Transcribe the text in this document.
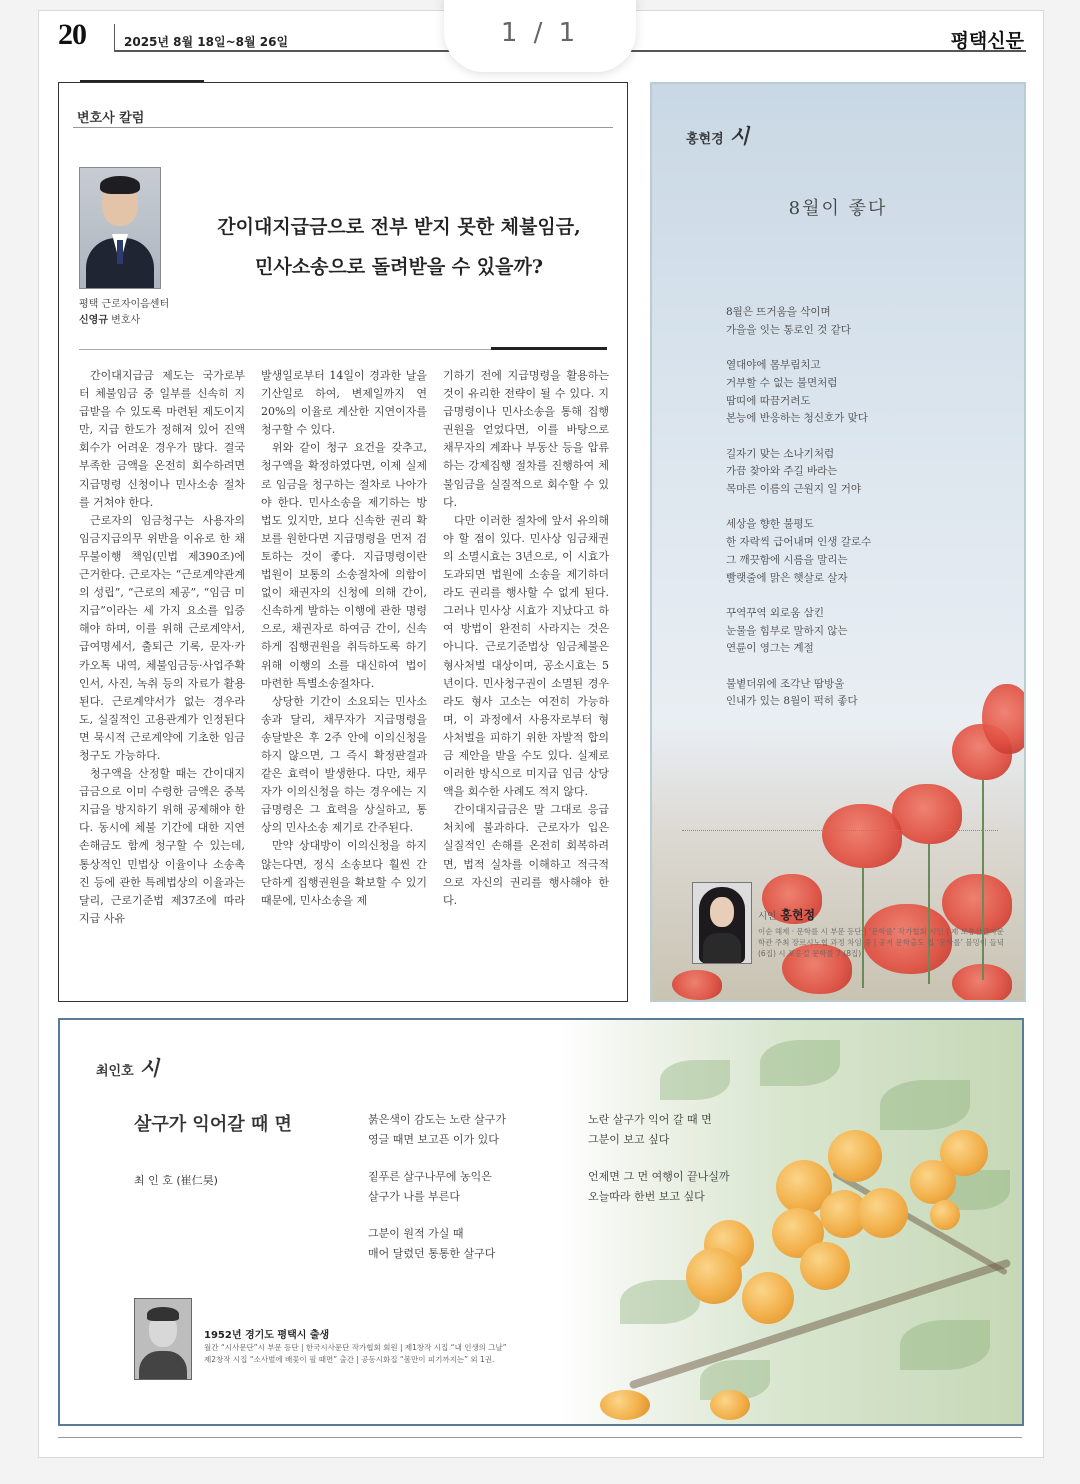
20	2025년 8월 18일~8월 26일	평택신문
변호사 칼럼
평택 근로자이음센터
신영규 변호사
간이대지급금으로 전부 받지 못한 체불임금,
민사소송으로 돌려받을 수 있을까?

간이대지급금 제도는 국가로부터 체불임금 중 일부를 신속히 지급받을 수 있도록 마련된 제도이지만, 지급 한도가 정해져 있어 진액 회수가 어려운 경우가 많다. 결국 부족한 금액을 온전히 회수하려면 지급명령 신청이나 민사소송 절차를 거쳐야 한다.

근로자의 임금청구는 사용자의 임금지급의무 위반을 이유로 한 채무불이행 책임(민법 제390조)에 근거한다. 근로자는 “근로계약관계의 성립”, “근로의 제공”, “임금 미지급”이라는 세 가지 요소를 입증해야 하며, 이를 위해 근로계약서, 급여명세서, 출퇴근 기록, 문자·카카오톡 내역, 체불임금등·사업주확인서, 사진, 녹취 등의 자료가 활용된다. 근로계약서가 없는 경우라도, 실질적인 고용관계가 인정된다면 묵시적 근로계약에 기초한 임금청구도 가능하다.

청구액을 산정할 때는 간이대지급금으로 이미 수령한 금액은 중복지급을 방지하기 위해 공제해야 한다. 동시에 체불 기간에 대한 지연손해금도 함께 청구할 수 있는데, 통상적인 민법상 이율이나 소송촉진 등에 관한 특례법상의 이율과는 달리, 근로기준법 제37조에 따라 지급 사유

발생일로부터 14일이 경과한 날을 기산일로 하여, 변제일까지 연 20%의 이율로 계산한 지연이자를 청구할 수 있다.

위와 같이 청구 요건을 갖추고, 청구액을 확정하였다면, 이제 실제로 임금을 청구하는 절차로 나아가야 한다. 민사소송을 제기하는 방법도 있지만, 보다 신속한 권리 확보를 원한다면 지급명령을 먼저 검토하는 것이 좋다. 지급명령이란 법원이 보통의 소송절차에 의함이 없이 채권자의 신청에 의해 간이, 신속하게 발하는 이행에 관한 명령으로, 채권자로 하여금 간이, 신속하게 집행권원을 취득하도록 하기 위해 이행의 소를 대신하여 법이 마련한 특별소송절차다.

상당한 기간이 소요되는 민사소송과 달리, 채무자가 지급명령을 송달받은 후 2주 안에 이의신청을 하지 않으면, 그 즉시 확정판결과 같은 효력이 발생한다. 다만, 채무자가 이의신청을 하는 경우에는 지급명령은 그 효력을 상실하고, 통상의 민사소송 제기로 간주된다.

만약 상대방이 이의신청을 하지 않는다면, 정식 소송보다 훨씬 간단하게 집행권원을 확보할 수 있기 때문에, 민사소송을 제

기하기 전에 지급명령을 활용하는 것이 유리한 전략이 될 수 있다. 지급명령이나 민사소송을 통해 집행권원을 얻었다면, 이를 바탕으로 채무자의 계좌나 부동산 등을 압류하는 강제집행 절차를 진행하여 체불임금을 실질적으로 회수할 수 있다.

다만 이러한 절차에 앞서 유의해야 할 점이 있다. 민사상 임금채권의 소멸시효는 3년으로, 이 시효가 도과되면 법원에 소송을 제기하더라도 권리를 행사할 수 없게 된다. 그러나 민사상 시효가 지났다고 하여 방법이 완전히 사라지는 것은 아니다. 근로기준법상 임금체불은 형사처벌 대상이며, 공소시효는 5년이다. 민사청구권이 소멸된 경우라도 형사 고소는 여전히 가능하며, 이 과정에서 사용자로부터 형사처벌을 피하기 위한 자발적 합의금 제안을 받을 수도 있다. 실제로 이러한 방식으로 미지급 임금 상당액을 회수한 사례도 적지 않다.

간이대지급금은 말 그대로 응급처치에 불과하다. 근로자가 입은 실질적인 손해를 온전히 회복하려면, 법적 실차를 이해하고 적극적으로 자신의 권리를 행사해야 한다.

홍현경 시
8월이 좋다
8월은 뜨거움을 삭이며
가을을 잇는 통로인 것 같다
열대야에 몸부림치고
거부할 수 없는 불면처럼
땀띠에 따끔거려도
본능에 반응하는 청신호가 맞다
길자기 맞는 소나기처럼
가끔 찾아와 주길 바라는
목마른 이름의 근원지 일 거야
세상을 향한 불평도
한 자락씩 급어내며 인생 갈로수
그 깨끗함에 시름을 말리는
빨랫줄에 맑은 햇살로 살자
꾸역꾸역 외로움 삼킨
눈물을 힘부로 말하지 않는
연륜이 영그는 계절
불볕더위에 조각난 땀방울
인내가 있는 8월이 퍽히 좋다
시인 홍현정
이순 해제 · 문학를 시 부문 등단 | ‘문학를’ 작가협회 시인 | 제 보통산글자문학관 주최 장르시노협 과정 차임 중 | 공저 문학출도 집 ‘문학를’ 블밍이 들녘 (6집) 시 포옹걸 문학를 7 (8집)
최인호 시
살구가 익어갈 때 면
최 인 호 (崔仁昊)
붉은색이 감도는 노란 살구가
영글 때면 보고픈 이가 있다
짙푸른 살구나무에 농익은
살구가 나를 부른다
그분이 원적 가실 때
매어 달렸던 통통한 살구다
노란 살구가 익어 갈 때 면
그분이 보고 싶다
언제면 그 먼 여행이 끝나실까
오늘따라 한번 보고 싶다
1952년 경기도 평택시 출생
월간 “시사문단”시 부문 등단 | 한국시사문단 작가협회 회원 | 제1창작 시집 “내 인생의 그날”
제2창작 시집 “소사벌에 배꽃이 필 때면” 출간 | 공동시화집 “봄만이 피기까지는” 외 1권.
1 / 1
